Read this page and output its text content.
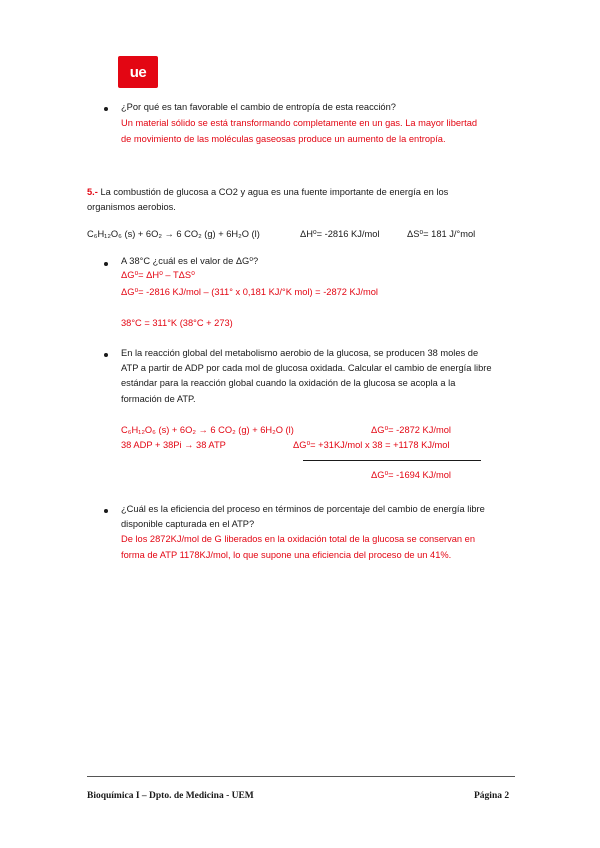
ue
¿Por qué es tan favorable el cambio de entropía de esta reacción?
Un material sólido se está transformando completamente en un gas. La mayor libertad
de movimiento de las moléculas gaseosas produce un aumento de la entropía.
5.- La combustión de glucosa a CO2 y agua es una fuente importante de energía en los
organismos aerobios.
C₆H₁₂O₆ (s) + 6O₂ → 6 CO₂ (g) + 6H₂O (l)	ΔH⁰= -2816 KJ/mol	ΔS⁰= 181 J/°mol
A 38°C ¿cuál es el valor de ΔG⁰?
ΔG⁰= ΔH⁰ – TΔS⁰
ΔG⁰= -2816 KJ/mol – (311° x 0,181 KJ/°K mol) = -2872 KJ/mol
38°C = 311°K (38°C + 273)
En la reacción global del metabolismo aerobio de la glucosa, se producen 38 moles de
ATP a partir de ADP por cada mol de glucosa oxidada. Calcular el cambio de energía libre
estándar para la reacción global cuando la oxidación de la glucosa se acopla a la
formación de ATP.
C₆H₁₂O₆ (s) + 6O₂ → 6 CO₂ (g) + 6H₂O (l)	ΔG⁰= -2872 KJ/mol
38 ADP + 38Pi → 38 ATP	ΔG⁰= +31KJ/mol x 38 = +1178 KJ/mol
ΔG⁰= -1694 KJ/mol
¿Cuál es la eficiencia del proceso en términos de porcentaje del cambio de energía libre
disponible capturada en el ATP?
De los 2872KJ/mol de G liberados en la oxidación total de la glucosa se conservan en
forma de ATP 1178KJ/mol, lo que supone una eficiencia del proceso de un 41%.
Bioquímica I – Dpto. de Medicina - UEM	Página 2
